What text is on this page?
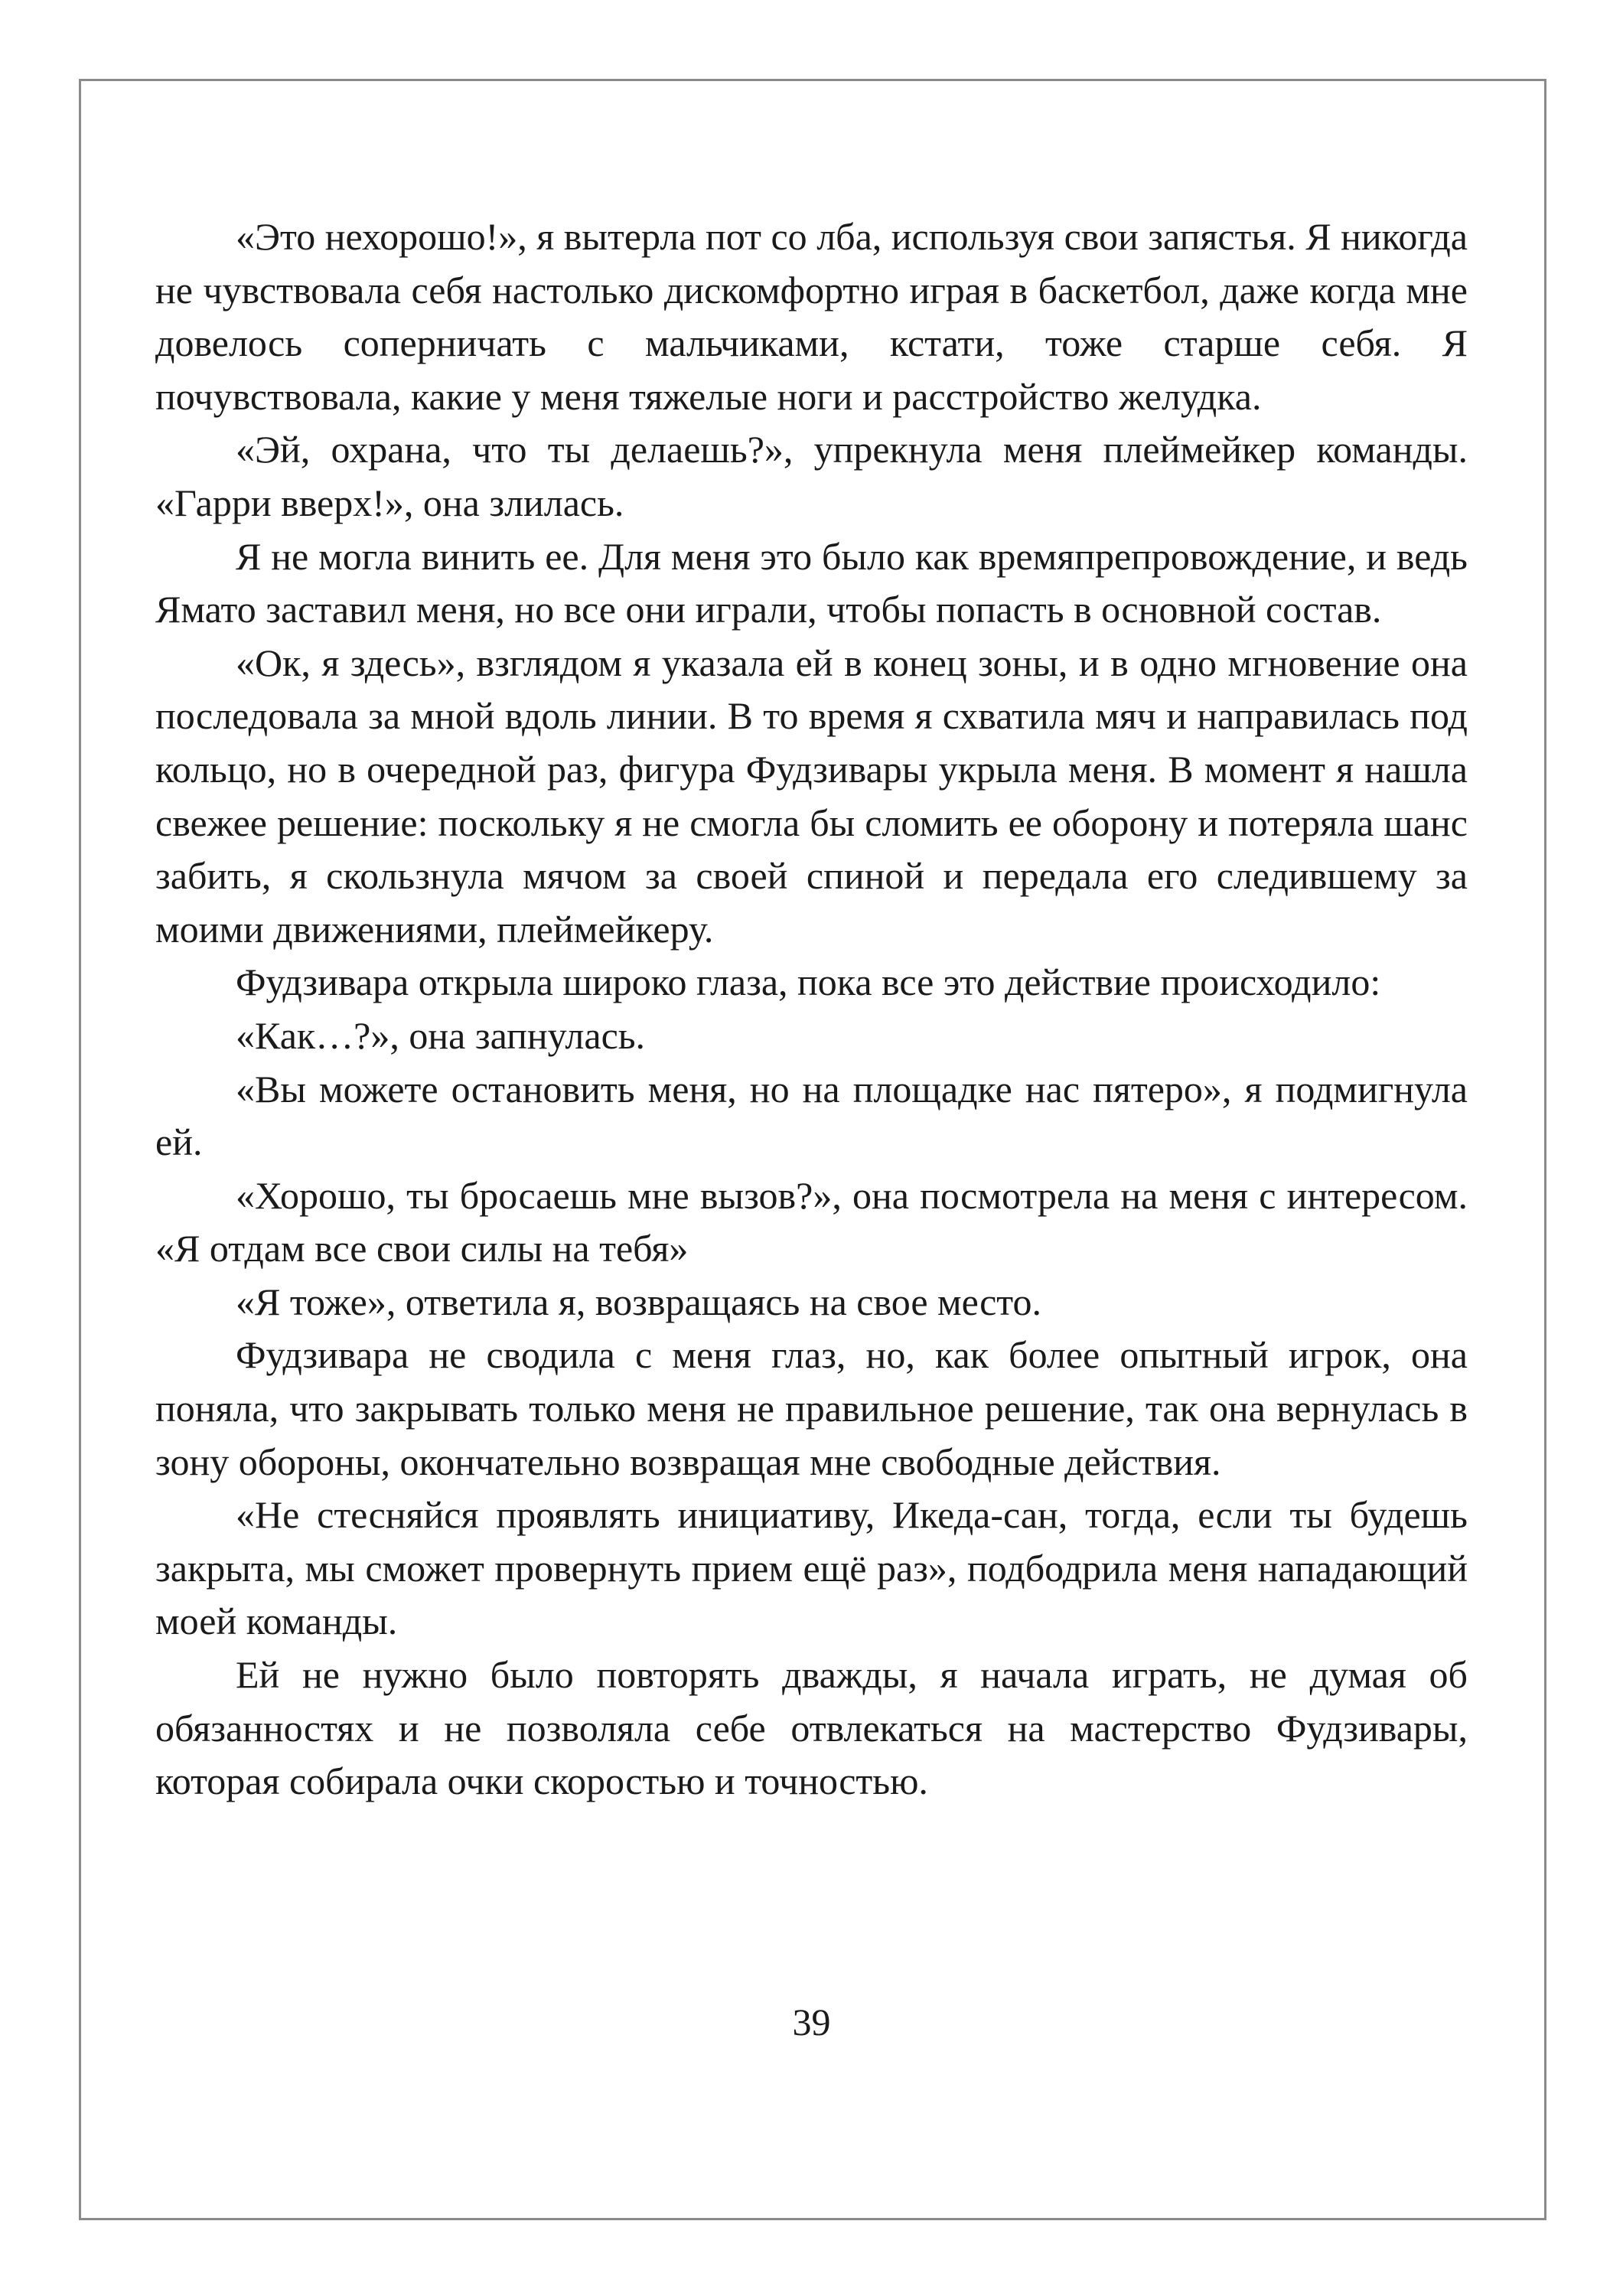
«Это нехорошо!», я вытерла пот со лба, используя свои запястья. Я никогда не чувствовала себя настолько дискомфортно играя в баскетбол, даже когда мне довелось соперничать с мальчиками, кстати, тоже старше себя. Я почувствовала, какие у меня тяжелые ноги и расстройство желудка.

«Эй, охрана, что ты делаешь?», упрекнула меня плеймейкер команды. «Гарри вверх!», она злилась.

Я не могла винить ее. Для меня это было как времяпрепровождение, и ведь Ямато заставил меня, но все они играли, чтобы попасть в основной состав.

«Ок, я здесь», взглядом я указала ей в конец зоны, и в одно мгновение она последовала за мной вдоль линии. В то время я схватила мяч и направилась под кольцо, но в очередной раз, фигура Фудзивары укрыла меня. В момент я нашла свежее решение: поскольку я не смогла бы сломить ее оборону и потеряла шанс забить, я скользнула мячом за своей спиной и передала его следившему за моими движениями, плеймейкеру.

Фудзивара открыла широко глаза, пока все это действие происходило:

«Как…?», она запнулась.

«Вы можете остановить меня, но на площадке нас пятеро», я подмигнула ей.

«Хорошо, ты бросаешь мне вызов?», она посмотрела на меня с интересом. «Я отдам все свои силы на тебя»

«Я тоже», ответила я, возвращаясь на свое место.

Фудзивара не сводила с меня глаз, но, как более опытный игрок, она поняла, что закрывать только меня не правильное решение, так она вернулась в зону обороны, окончательно возвращая мне свободные действия.

«Не стесняйся проявлять инициативу, Икеда-сан, тогда, если ты будешь закрыта, мы сможет провернуть прием ещё раз», подбодрила меня нападающий моей команды.

Ей не нужно было повторять дважды, я начала играть, не думая об обязанностях и не позволяла себе отвлекаться на мастерство Фудзивары, которая собирала очки скоростью и точностью.

39
